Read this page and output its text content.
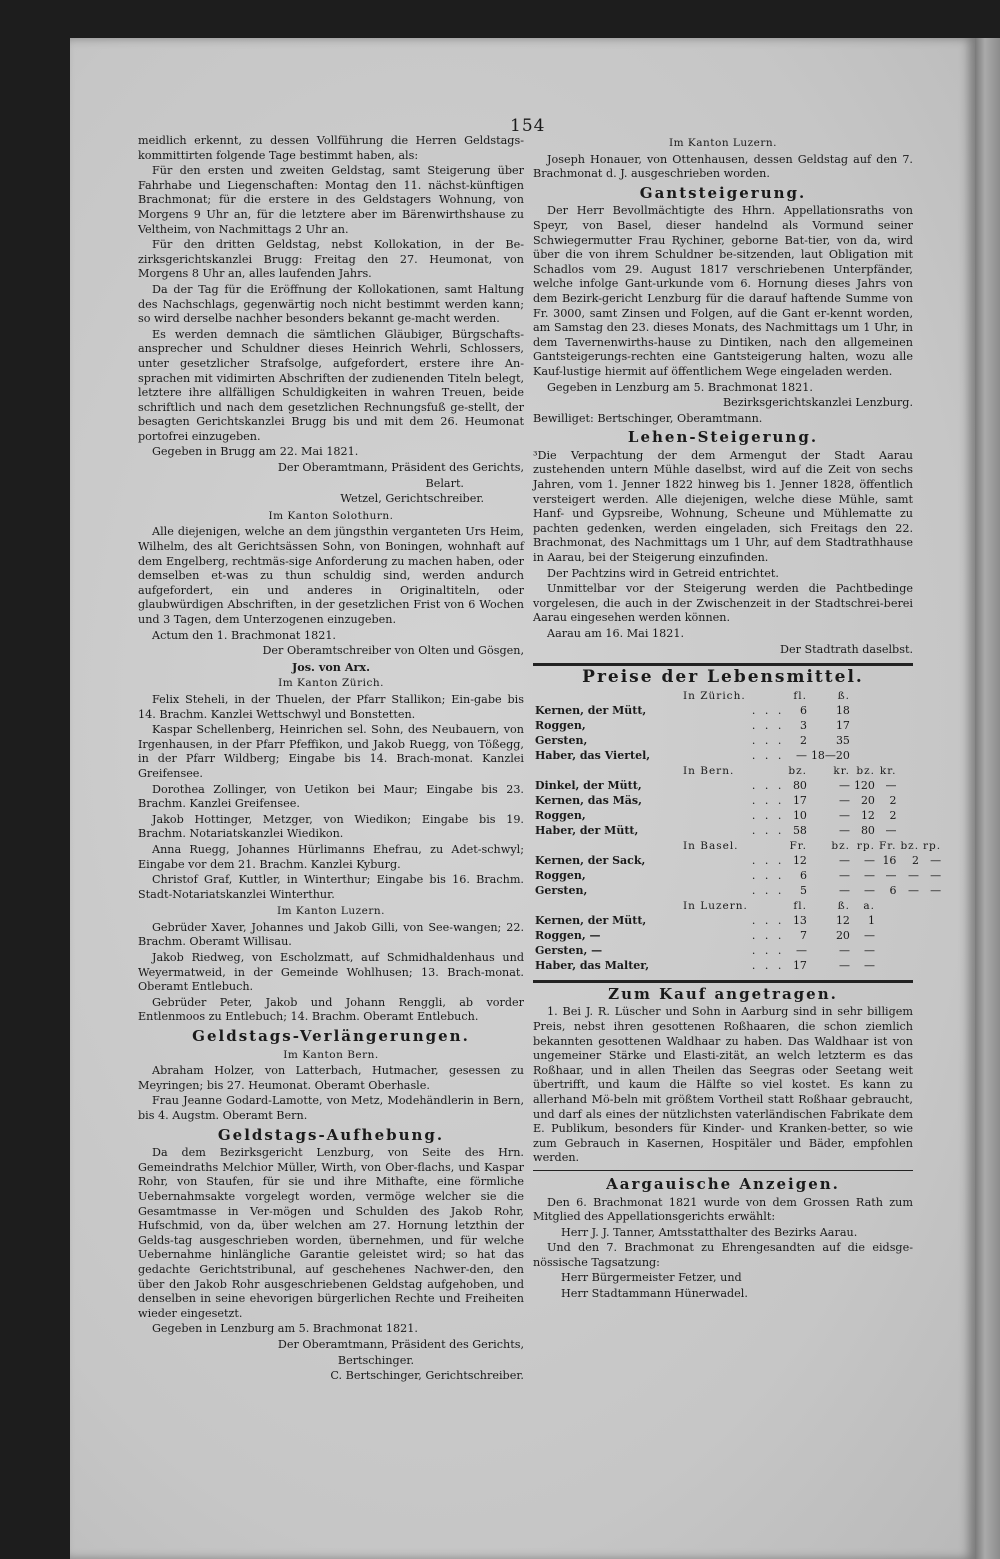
154

meidlich erkennt, zu dessen Vollführung die Herren Geldstags-kommittirten folgende Tage bestimmt haben, als:

Für den ersten und zweiten Geldstag, samt Steigerung über Fahrhabe und Liegenschaften: Montag den 11. nächst-künftigen Brachmonat; für die erstere in des Geldstagers Wohnung, von Morgens 9 Uhr an, für die letztere aber im Bärenwirthshause zu Veltheim, von Nachmittags 2 Uhr an.

Für den dritten Geldstag, nebst Kollokation, in der Be-zirksgerichtskanzlei Brugg: Freitag den 27. Heumonat, von Morgens 8 Uhr an, alles laufenden Jahrs.

Da der Tag für die Eröffnung der Kollokationen, samt Haltung des Nachschlags, gegenwärtig noch nicht bestimmt werden kann; so wird derselbe nachher besonders bekannt ge-macht werden.

Es werden demnach die sämtlichen Gläubiger, Bürgschafts-ansprecher und Schuldner dieses Heinrich Wehrli, Schlossers, unter gesetzlicher Strafsolge, aufgefordert, erstere ihre An-sprachen mit vidimirten Abschriften der zudienenden Titeln belegt, letztere ihre allfälligen Schuldigkeiten in wahren Treuen, beide schriftlich und nach dem gesetzlichen Rechnungsfuß ge-stellt, der besagten Gerichtskanzlei Brugg bis und mit dem 26. Heumonat portofrei einzugeben.

Gegeben in Brugg am 22. Mai 1821.

Der Oberamtmann, Präsident des Gerichts,

Belart.

Wetzel, Gerichtschreiber.

Im Kanton Solothurn.

Alle diejenigen, welche an dem jüngsthin verganteten Urs Heim, Wilhelm, des alt Gerichtsässen Sohn, von Boningen, wohnhaft auf dem Engelberg, rechtmäs-sige Anforderung zu machen haben, oder demselben et-was zu thun schuldig sind, werden andurch aufgefordert, ein und anderes in Originaltiteln, oder glaubwürdigen Abschriften, in der gesetzlichen Frist von 6 Wochen und 3 Tagen, dem Unterzogenen einzugeben.

Actum den 1. Brachmonat 1821.

Der Oberamtschreiber von Olten und Gösgen,

Jos. von Arx.

Im Kanton Zürich.

Felix Steheli, in der Thuelen, der Pfarr Stallikon; Ein-gabe bis 14. Brachm. Kanzlei Wettschwyl und Bonstetten.

Kaspar Schellenberg, Heinrichen sel. Sohn, des Neubauern, von Irgenhausen, in der Pfarr Pfeffikon, und Jakob Ruegg, von Tößegg, in der Pfarr Wildberg; Eingabe bis 14. Brach-monat. Kanzlei Greifensee.

Dorothea Zollinger, von Uetikon bei Maur; Eingabe bis 23. Brachm. Kanzlei Greifensee.

Jakob Hottinger, Metzger, von Wiedikon; Eingabe bis 19. Brachm. Notariatskanzlei Wiedikon.

Anna Ruegg, Johannes Hürlimanns Ehefrau, zu Adet-schwyl; Eingabe vor dem 21. Brachm. Kanzlei Kyburg.

Christof Graf, Kuttler, in Winterthur; Eingabe bis 16. Brachm. Stadt-Notariatskanzlei Winterthur.

Im Kanton Luzern.

Gebrüder Xaver, Johannes und Jakob Gilli, von See-wangen; 22. Brachm. Oberamt Willisau.

Jakob Riedweg, von Escholzmatt, auf Schmidhaldenhaus und Weyermatweid, in der Gemeinde Wohlhusen; 13. Brach-monat. Oberamt Entlebuch.

Gebrüder Peter, Jakob und Johann Renggli, ab vorder Entlenmoos zu Entlebuch; 14. Brachm. Oberamt Entlebuch.

Geldstags-Verlängerungen.
Im Kanton Bern.

Abraham Holzer, von Latterbach, Hutmacher, gesessen zu Meyringen; bis 27. Heumonat. Oberamt Oberhasle.

Frau Jeanne Godard-Lamotte, von Metz, Modehändlerin in Bern, bis 4. Augstm. Oberamt Bern.

Geldstags-Aufhebung.

Da dem Bezirksgericht Lenzburg, von Seite des Hrn. Gemeindraths Melchior Müller, Wirth, von Ober-flachs, und Kaspar Rohr, von Staufen, für sie und ihre Mithafte, eine förmliche Uebernahmsakte vorgelegt worden, vermöge welcher sie die Gesamtmasse in Ver-mögen und Schulden des Jakob Rohr, Hufschmid, von da, über welchen am 27. Hornung letzthin der Gelds-tag ausgeschrieben worden, übernehmen, und für welche Uebernahme hinlängliche Garantie geleistet wird; so hat das gedachte Gerichtstribunal, auf geschehenes Nachwer-den, den über den Jakob Rohr ausgeschriebenen Geldstag aufgehoben, und denselben in seine ehevorigen bürgerlichen Rechte und Freiheiten wieder eingesetzt.

Gegeben in Lenzburg am 5. Brachmonat 1821.

Der Oberamtmann, Präsident des Gerichts,

Bertschinger.

C. Bertschinger, Gerichtschreiber.

Im Kanton Luzern.

Joseph Honauer, von Ottenhausen, dessen Geldstag auf den 7. Brachmonat d. J. ausgeschrieben worden.

Gantsteigerung.

Der Herr Bevollmächtigte des Hhrn. Appellationsraths von Speyr, von Basel, dieser handelnd als Vormund seiner Schwiegermutter Frau Rychiner, geborne Bat-tier, von da, wird über die von ihrem Schuldner be-sitzenden, laut Obligation mit Schadlos vom 29. August 1817 verschriebenen Unterpfänder, welche infolge Gant-urkunde vom 6. Hornung dieses Jahrs von dem Bezirk-gericht Lenzburg für die darauf haftende Summe von Fr. 3000, samt Zinsen und Folgen, auf die Gant er-kennt worden, am Samstag den 23. dieses Monats, des Nachmittags um 1 Uhr, in dem Tavernenwirths-hause zu Dintiken, nach den allgemeinen Gantsteigerungs-rechten eine Gantsteigerung halten, wozu alle Kauf-lustige hiermit auf öffentlichem Wege eingeladen werden.

Gegeben in Lenzburg am 5. Brachmonat 1821.

Bezirksgerichtskanzlei Lenzburg.

Bewilliget: Bertschinger, Oberamtmann.

Lehen-Steigerung.

³Die Verpachtung der dem Armengut der Stadt Aarau zustehenden untern Mühle daselbst, wird auf die Zeit von sechs Jahren, vom 1. Jenner 1822 hinweg bis 1. Jenner 1828, öffentlich versteigert werden. Alle diejenigen, welche diese Mühle, samt Hanf- und Gypsreibe, Wohnung, Scheune und Mühlematte zu pachten gedenken, werden eingeladen, sich Freitags den 22. Brachmonat, des Nachmittags um 1 Uhr, auf dem Stadtrathhause in Aarau, bei der Steigerung einzufinden.

Der Pachtzins wird in Getreid entrichtet.

Unmittelbar vor der Steigerung werden die Pachtbedinge vorgelesen, die auch in der Zwischenzeit in der Stadtschrei-berei Aarau eingesehen werden können.

Aarau am 16. Mai 1821.

Der Stadtrath daselbst.

Preise der Lebensmittel.
In Zürich.		fl.	ß.				
Kernen, der Mütt,	. . .	6	18				
Roggen,	. . .	3	17				
Gersten,	. . .	2	35				
Haber, das Viertel,	. . .	—	18—20				
In Bern.		bz.	kr.	bz.	kr.		
Dinkel, der Mütt,	. . .	80	—	120	—		
Kernen, das Mäs,	. . .	17	—	20	2		
Roggen,	. . .	10	—	12	2		
Haber, der Mütt,	. . .	58	—	80	—		
In Basel.		Fr.	bz.	rp.	Fr.	bz.	rp.
Kernen, der Sack,	. . .	12	—	—	16	2	—
Roggen,	. . .	6	—	—	—	—	—
Gersten,	. . .	5	—	—	6	—	—
In Luzern.		fl.	ß.	a.			
Kernen, der Mütt,	. . .	13	12	1			
Roggen, —	. . .	7	20	—			
Gersten, —	. . .	—	—	—			
Haber, das Malter,	. . .	17	—	—			
Zum Kauf angetragen.

1. Bei J. R. Lüscher und Sohn in Aarburg sind in sehr billigem Preis, nebst ihren gesottenen Roßhaaren, die schon ziemlich bekannten gesottenen Waldhaar zu haben. Das Waldhaar ist von ungemeiner Stärke und Elasti-zität, an welch letzterm es das Roßhaar, und in allen Theilen das Seegras oder Seetang weit übertrifft, und kaum die Hälfte so viel kostet. Es kann zu allerhand Mö-beln mit größtem Vortheil statt Roßhaar gebraucht, und darf als eines der nützlichsten vaterländischen Fabrikate dem E. Publikum, besonders für Kinder- und Kranken-better, so wie zum Gebrauch in Kasernen, Hospitäler und Bäder, empfohlen werden.

Aargauische Anzeigen.

Den 6. Brachmonat 1821 wurde von dem Grossen Rath zum Mitglied des Appellationsgerichts erwählt:

Herr J. J. Tanner, Amtsstatthalter des Bezirks Aarau.

Und den 7. Brachmonat zu Ehrengesandten auf die eidsge-nössische Tagsatzung:

Herr Bürgermeister Fetzer, und

Herr Stadtammann Hünerwadel.
